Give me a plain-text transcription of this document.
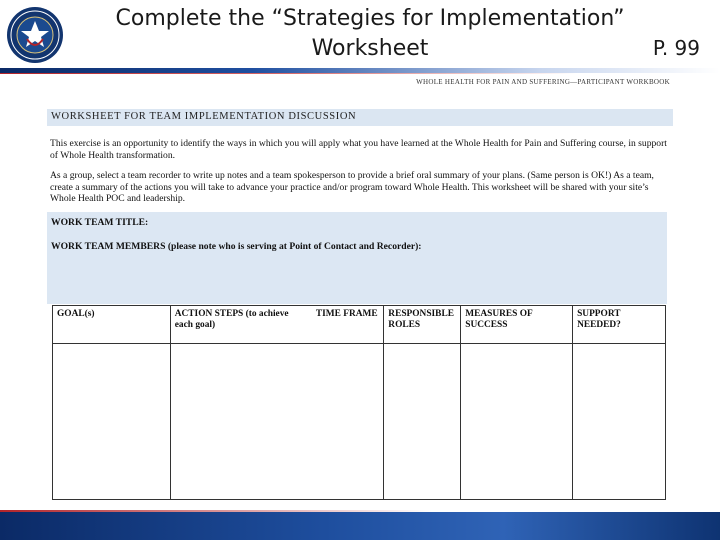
Complete the “Strategies for Implementation”
Worksheet	P. 99
WHOLE HEALTH FOR PAIN AND SUFFERING—PARTICIPANT WORKBOOK
WORKSHEET FOR TEAM IMPLEMENTATION DISCUSSION
This exercise is an opportunity to identify the ways in which you will apply what you have learned at the Whole Health for Pain and Suffering course, in support of Whole Health transformation.
As a group, select a team recorder to write up notes and a team spokesperson to provide a brief oral summary of your plans. (Same person is OK!) As a team, create a summary of the actions you will take to advance your practice and/or program toward Whole Health. This worksheet will be shared with your site’s Whole Health POC and leadership.
WORK TEAM TITLE:
WORK TEAM MEMBERS (please note who is serving at Point of Contact and Recorder):
GOAL(s)	ACTION STEPS (to achieve each goal)	TIME FRAME	RESPONSIBLE ROLES	MEASURES OF SUCCESS	SUPPORT NEEDED?
